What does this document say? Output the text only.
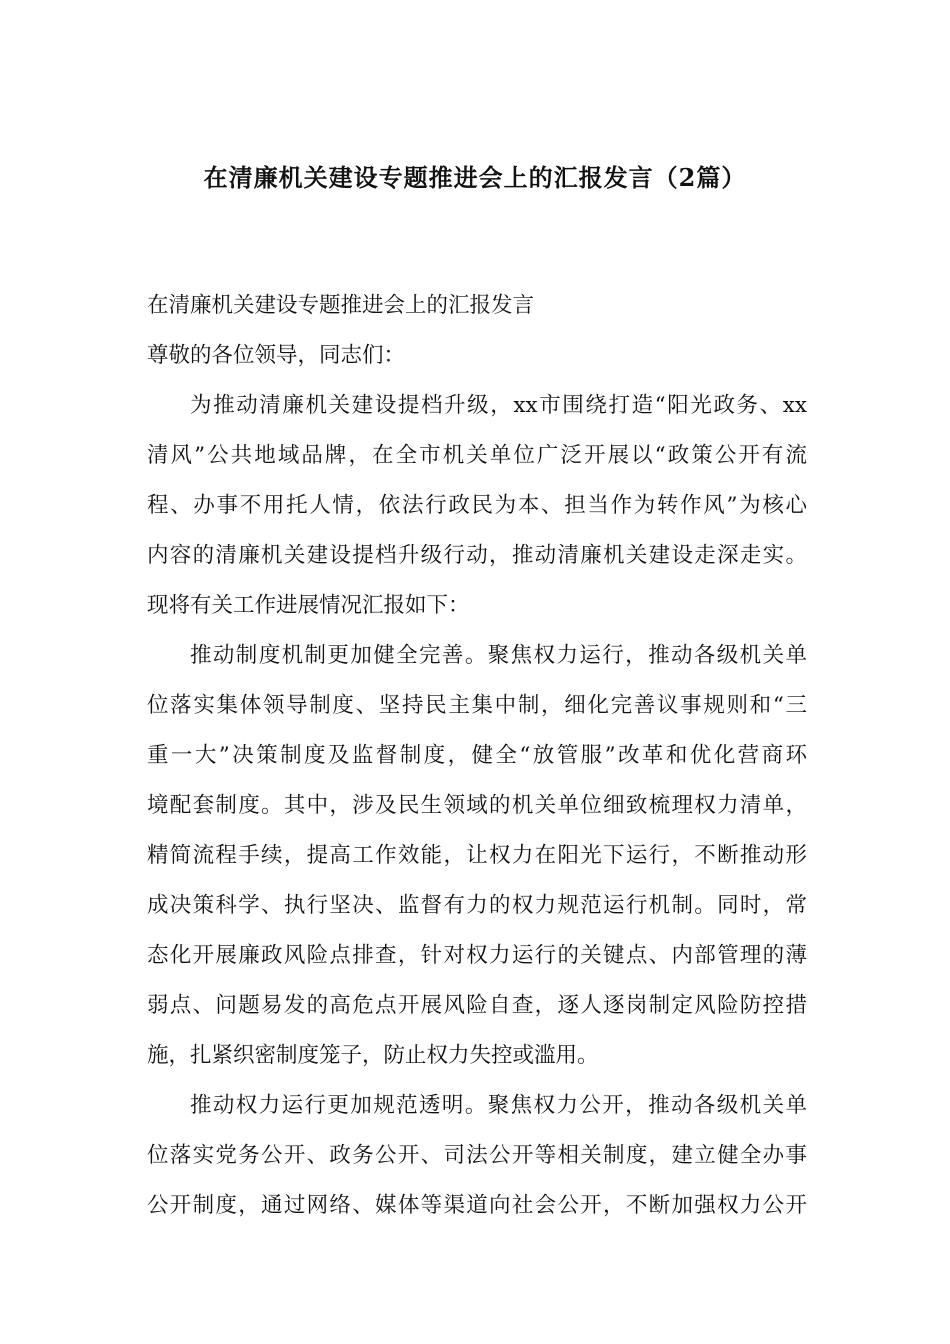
在清廉机关建设专题推进会上的汇报发言（2篇）
在清廉机关建设专题推进会上的汇报发言
尊敬的各位领导，同志们：
为推动清廉机关建设提档升级，xx市围绕打造“阳光政务、xx
清风”公共地域品牌，在全市机关单位广泛开展以“政策公开有流
程、办事不用托人情，依法行政民为本、担当作为转作风”为核心
内容的清廉机关建设提档升级行动，推动清廉机关建设走深走实。
现将有关工作进展情况汇报如下：
推动制度机制更加健全完善。聚焦权力运行，推动各级机关单
位落实集体领导制度、坚持民主集中制，细化完善议事规则和“三
重一大”决策制度及监督制度，健全“放管服”改革和优化营商环
境配套制度。其中，涉及民生领域的机关单位细致梳理权力清单，
精简流程手续，提高工作效能，让权力在阳光下运行，不断推动形
成决策科学、执行坚决、监督有力的权力规范运行机制。同时，常
态化开展廉政风险点排查，针对权力运行的关键点、内部管理的薄
弱点、问题易发的高危点开展风险自查，逐人逐岗制定风险防控措
施，扎紧织密制度笼子，防止权力失控或滥用。
推动权力运行更加规范透明。聚焦权力公开，推动各级机关单
位落实党务公开、政务公开、司法公开等相关制度，建立健全办事
公开制度，通过网络、媒体等渠道向社会公开，不断加强权力公开
